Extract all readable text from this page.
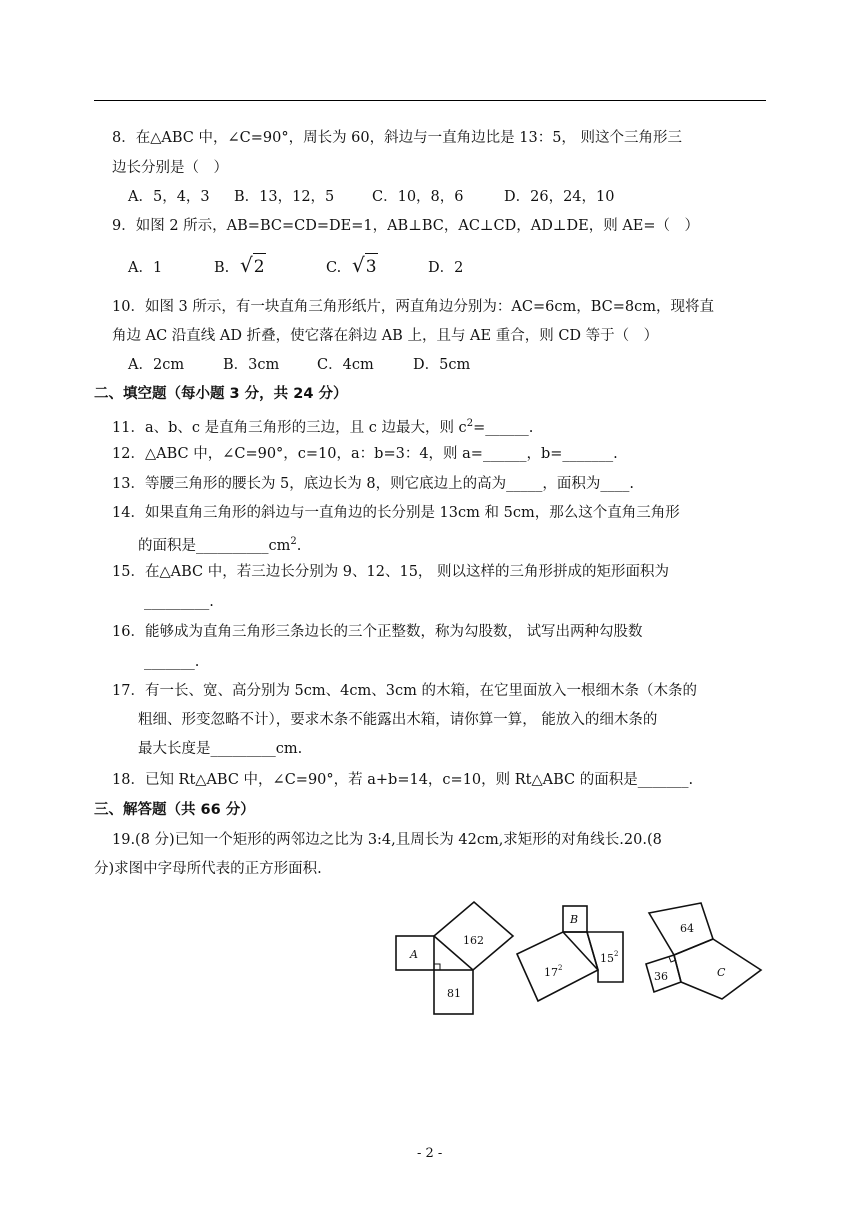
8．在△ABC 中，∠C=90°，周长为 60，斜边与一直角边比是 13：5， 则这个三角形三
边长分别是（　）
A．5，4，3 B．13，12，5	C．10，8，6	D．26，24，10
9．如图 2 所示，AB=BC=CD=DE=1，AB⊥BC，AC⊥CD，AD⊥DE，则 AE=（　）
A．1	B. √2	C. √3	D．2
10．如图 3 所示，有一块直角三角形纸片，两直角边分别为：AC=6cm，BC=8cm，现将直
角边 AC 沿直线 AD 折叠，使它落在斜边 AB 上，且与 AE 重合，则 CD 等于（　）
A．2cm	B．3cm	C．4cm	D．5cm
二、填空题（每小题 3 分，共 24 分）
11．a、b、c 是直角三角形的三边，且 c 边最大，则 $c^2=\_\_\_\_\_\_$.
12．△ABC 中，∠C=90°，c=10，a：b=3：4，则 a=______，b=_______.
13．等腰三角形的腰长为 5，底边长为 8，则它底边上的高为_____，面积为____.
14．如果直角三角形的斜边与一直角边的长分别是 13cm 和 5cm，那么这个直角三角形
的面积是$\_\_\_\_\_\_\_\_\_\_cm^2$.
15．在△ABC 中，若三边长分别为 9、12、15， 则以这样的三角形拼成的矩形面积为
_________.
16．能够成为直角三角形三条边长的三个正整数，称为勾股数， 试写出两种勾股数
_______.
17．有一长、宽、高分别为 5cm、4cm、3cm 的木箱，在它里面放入一根细木条（木条的
粗细、形变忽略不计），要求木条不能露出木箱，请你算一算， 能放入的细木条的
最大长度是_________cm.
18．已知 Rt△ABC 中，∠C=90°，若 a+b=14，c=10，则 Rt△ABC 的面积是_______.
三、解答题（共 66 分）
19.(8 分)已知一个矩形的两邻边之比为 3:4,且周长为 42cm,求矩形的对角线长.20.(8
分)求图中字母所代表的正方形面积.
A
162
81
B
17 2
15 2
64
36	C
- 2 -
